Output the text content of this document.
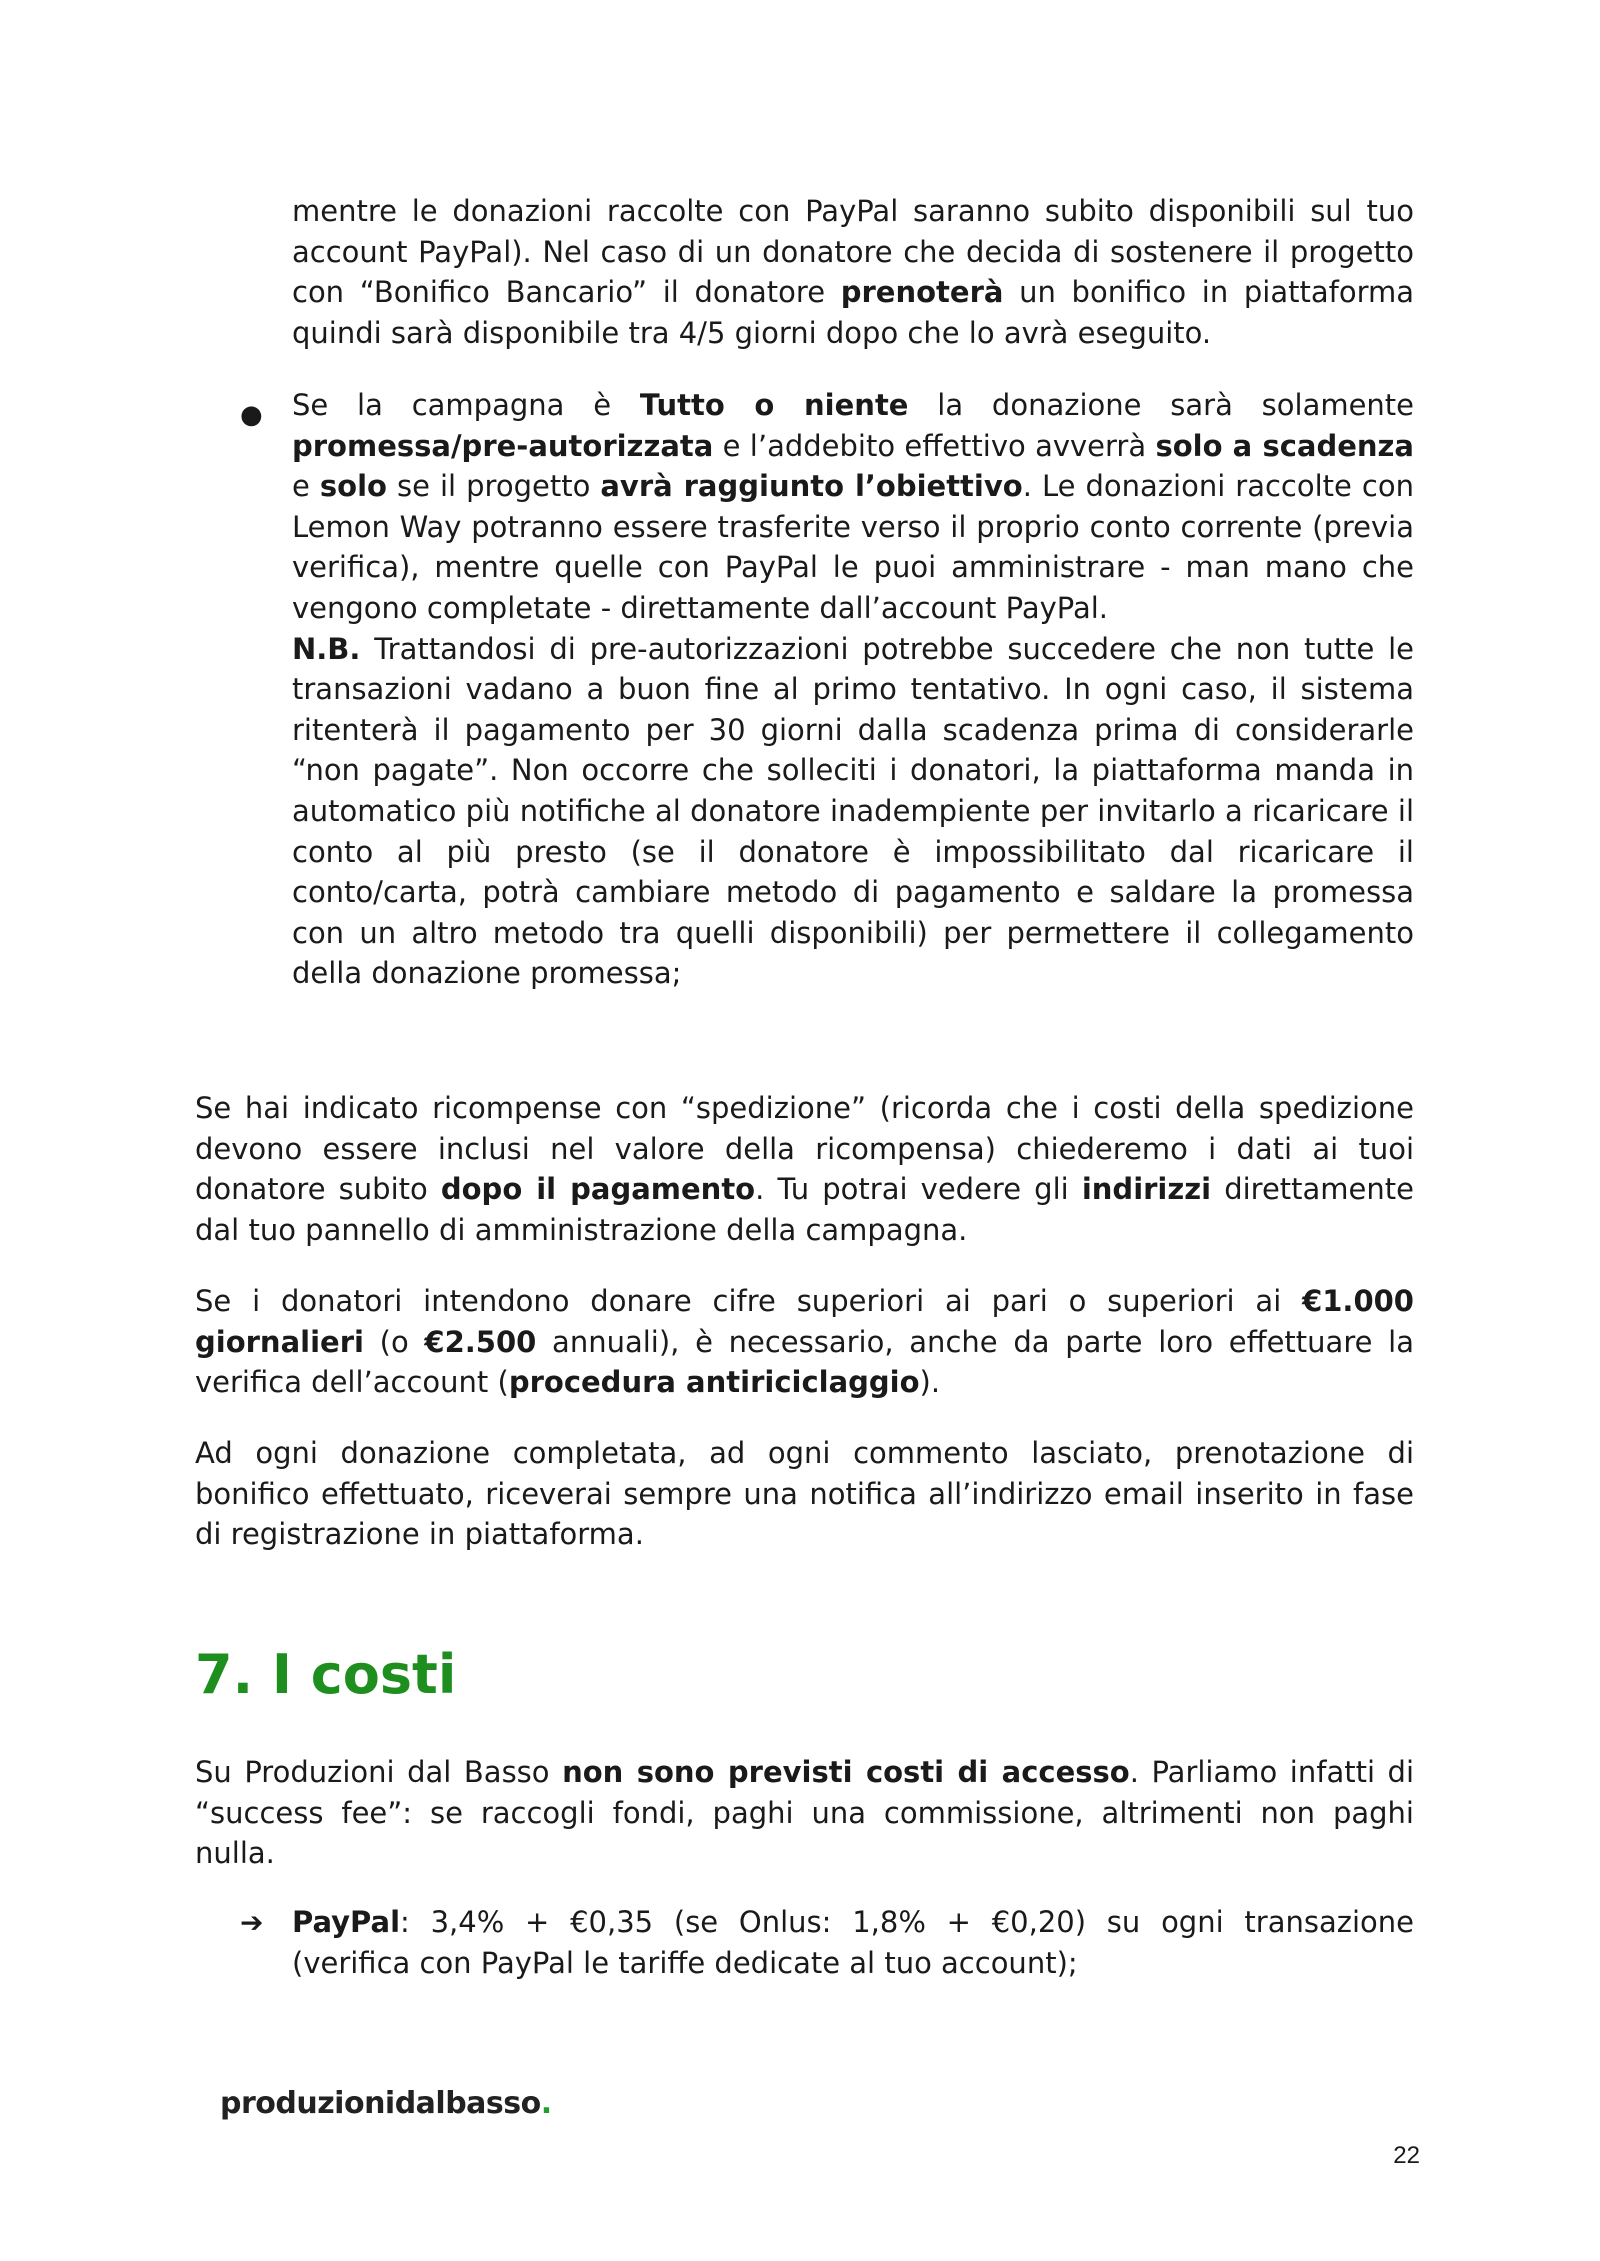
mentre le donazioni raccolte con PayPal saranno subito disponibili sul tuo account PayPal). Nel caso di un donatore che decida di sostenere il progetto con “Bonifico Bancario” il donatore prenoterà un bonifico in piattaforma quindi sarà disponibile tra 4/5 giorni dopo che lo avrà eseguito.

● Se la campagna è Tutto o niente la donazione sarà solamente promessa/pre-autorizzata e l’addebito effettivo avverrà solo a scadenza e solo se il progetto avrà raggiunto l’obiettivo. Le donazioni raccolte con Lemon Way potranno essere trasferite verso il proprio conto corrente (previa verifica), mentre quelle con PayPal le puoi amministrare - man mano che vengono completate - direttamente dall’account PayPal.
N.B. Trattandosi di pre-autorizzazioni potrebbe succedere che non tutte le transazioni vadano a buon fine al primo tentativo. In ogni caso, il sistema ritenterà il pagamento per 30 giorni dalla scadenza prima di considerarle “non pagate”. Non occorre che solleciti i donatori, la piattaforma manda in automatico più notifiche al donatore inadempiente per invitarlo a ricaricare il conto al più presto (se il donatore è impossibilitato dal ricaricare il conto/carta, potrà cambiare metodo di pagamento e saldare la promessa con un altro metodo tra quelli disponibili) per permettere il collegamento della donazione promessa;

Se hai indicato ricompense con “spedizione” (ricorda che i costi della spedizione devono essere inclusi nel valore della ricompensa) chiederemo i dati ai tuoi donatore subito dopo il pagamento. Tu potrai vedere gli indirizzi direttamente dal tuo pannello di amministrazione della campagna.

Se i donatori intendono donare cifre superiori ai pari o superiori ai €1.000 giornalieri (o €2.500 annuali), è necessario, anche da parte loro effettuare la verifica dell’account (procedura antiriciclaggio).

Ad ogni donazione completata, ad ogni commento lasciato, prenotazione di bonifico effettuato, riceverai sempre una notifica all’indirizzo email inserito in fase di registrazione in piattaforma.

7. I costi

Su Produzioni dal Basso non sono previsti costi di accesso. Parliamo infatti di “success fee”: se raccogli fondi, paghi una commissione, altrimenti non paghi nulla.

➔ PayPal: 3,4% + €0,35 (se Onlus: 1,8% + €0,20) su ogni transazione (verifica con PayPal le tariffe dedicate al tuo account);

produzionidalbasso.
22
